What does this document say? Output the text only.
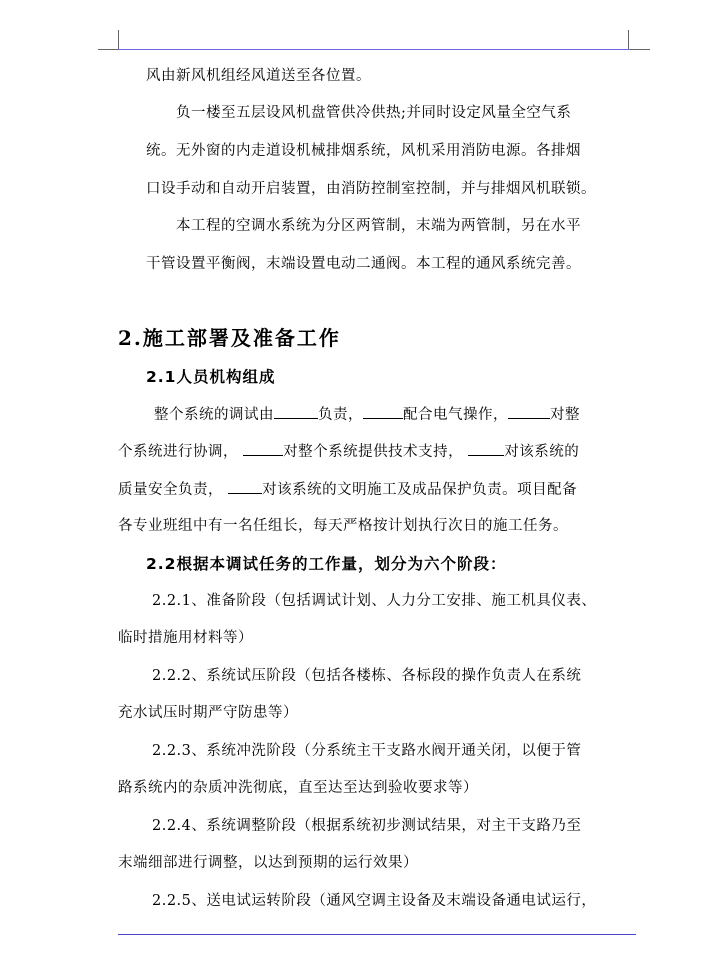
风由新风机组经风道送至各位置。
负一楼至五层设风机盘管供冷供热;并同时设定风量全空气系
统。无外窗的内走道设机械排烟系统，风机采用消防电源。各排烟
口设手动和自动开启装置，由消防控制室控制，并与排烟风机联锁。
本工程的空调水系统为分区两管制，末端为两管制，另在水平
干管设置平衡阀，末端设置电动二通阀。本工程的通风系统完善。
2.施工部署及准备工作
2.1人员机构组成
整个系统的调试由	负责，	配合电气操作，	对整
个系统进行协调，	对整个系统提供技术支持，	对该系统的
质量安全负责，	对该系统的文明施工及成品保护负责。项目配备
各专业班组中有一名任组长，每天严格按计划执行次日的施工任务。
2.2根据本调试任务的工作量，划分为六个阶段：
2.2.1、准备阶段（包括调试计划、人力分工安排、施工机具仪表、
临时措施用材料等）
2.2.2、系统试压阶段（包括各楼栋、各标段的操作负责人在系统
充水试压时期严守防患等）
2.2.3、系统冲洗阶段（分系统主干支路水阀开通关闭，以便于管
路系统内的杂质冲洗彻底，直至达至达到验收要求等）
2.2.4、系统调整阶段（根据系统初步测试结果，对主干支路乃至
末端细部进行调整，以达到预期的运行效果）
2.2.5、送电试运转阶段（通风空调主设备及末端设备通电试运行，
